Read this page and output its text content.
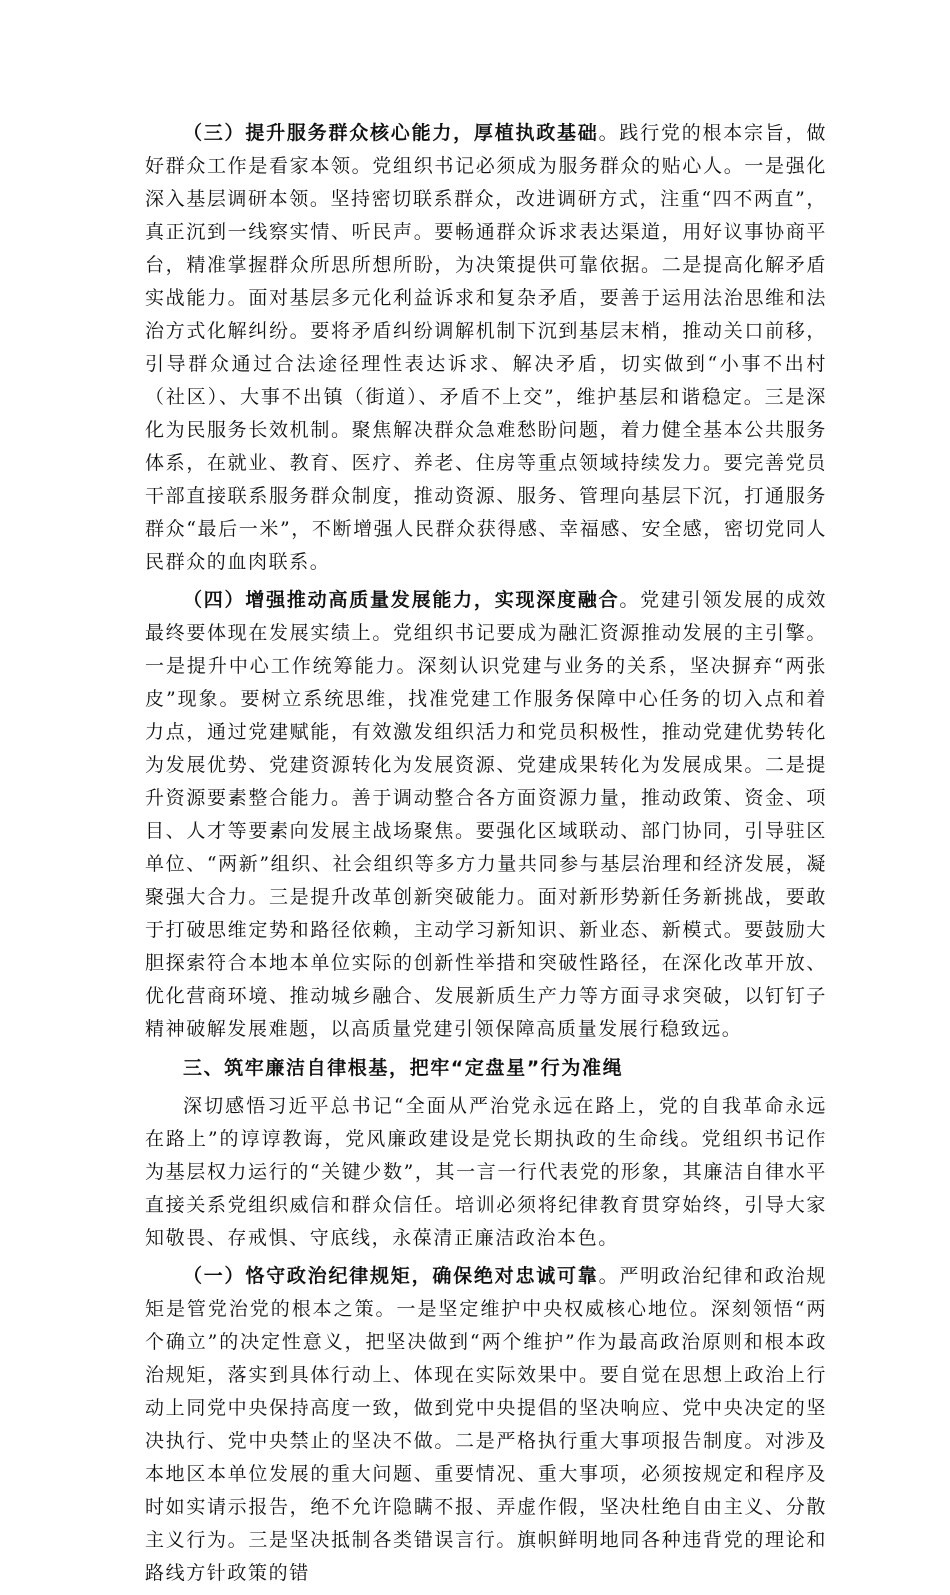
（三）提升服务群众核心能力，厚植执政基础。践行党的根本宗旨，做好群众工作是看家本领。党组织书记必须成为服务群众的贴心人。一是强化深入基层调研本领。坚持密切联系群众，改进调研方式，注重“四不两直”，真正沉到一线察实情、听民声。要畅通群众诉求表达渠道，用好议事协商平台，精准掌握群众所思所想所盼，为决策提供可靠依据。二是提高化解矛盾实战能力。面对基层多元化利益诉求和复杂矛盾，要善于运用法治思维和法治方式化解纠纷。要将矛盾纠纷调解机制下沉到基层末梢，推动关口前移，引导群众通过合法途径理性表达诉求、解决矛盾，切实做到“小事不出村（社区）、大事不出镇（街道）、矛盾不上交”，维护基层和谐稳定。三是深化为民服务长效机制。聚焦解决群众急难愁盼问题，着力健全基本公共服务体系，在就业、教育、医疗、养老、住房等重点领域持续发力。要完善党员干部直接联系服务群众制度，推动资源、服务、管理向基层下沉，打通服务群众“最后一米”，不断增强人民群众获得感、幸福感、安全感，密切党同人民群众的血肉联系。

（四）增强推动高质量发展能力，实现深度融合。党建引领发展的成效最终要体现在发展实绩上。党组织书记要成为融汇资源推动发展的主引擎。一是提升中心工作统筹能力。深刻认识党建与业务的关系，坚决摒弃“两张皮”现象。要树立系统思维，找准党建工作服务保障中心任务的切入点和着力点，通过党建赋能，有效激发组织活力和党员积极性，推动党建优势转化为发展优势、党建资源转化为发展资源、党建成果转化为发展成果。二是提升资源要素整合能力。善于调动整合各方面资源力量，推动政策、资金、项目、人才等要素向发展主战场聚焦。要强化区域联动、部门协同，引导驻区单位、“两新”组织、社会组织等多方力量共同参与基层治理和经济发展，凝聚强大合力。三是提升改革创新突破能力。面对新形势新任务新挑战，要敢于打破思维定势和路径依赖，主动学习新知识、新业态、新模式。要鼓励大胆探索符合本地本单位实际的创新性举措和突破性路径，在深化改革开放、优化营商环境、推动城乡融合、发展新质生产力等方面寻求突破，以钉钉子精神破解发展难题，以高质量党建引领保障高质量发展行稳致远。

三、筑牢廉洁自律根基，把牢“定盘星”行为准绳

深切感悟习近平总书记“全面从严治党永远在路上，党的自我革命永远在路上”的谆谆教诲，党风廉政建设是党长期执政的生命线。党组织书记作为基层权力运行的“关键少数”，其一言一行代表党的形象，其廉洁自律水平直接关系党组织威信和群众信任。培训必须将纪律教育贯穿始终，引导大家知敬畏、存戒惧、守底线，永葆清正廉洁政治本色。

（一）恪守政治纪律规矩，确保绝对忠诚可靠。严明政治纪律和政治规矩是管党治党的根本之策。一是坚定维护中央权威核心地位。深刻领悟“两个确立”的决定性意义，把坚决做到“两个维护”作为最高政治原则和根本政治规矩，落实到具体行动上、体现在实际效果中。要自觉在思想上政治上行动上同党中央保持高度一致，做到党中央提倡的坚决响应、党中央决定的坚决执行、党中央禁止的坚决不做。二是严格执行重大事项报告制度。对涉及本地区本单位发展的重大问题、重要情况、重大事项，必须按规定和程序及时如实请示报告，绝不允许隐瞒不报、弄虚作假，坚决杜绝自由主义、分散主义行为。三是坚决抵制各类错误言行。旗帜鲜明地同各种违背党的理论和路线方针政策的错
